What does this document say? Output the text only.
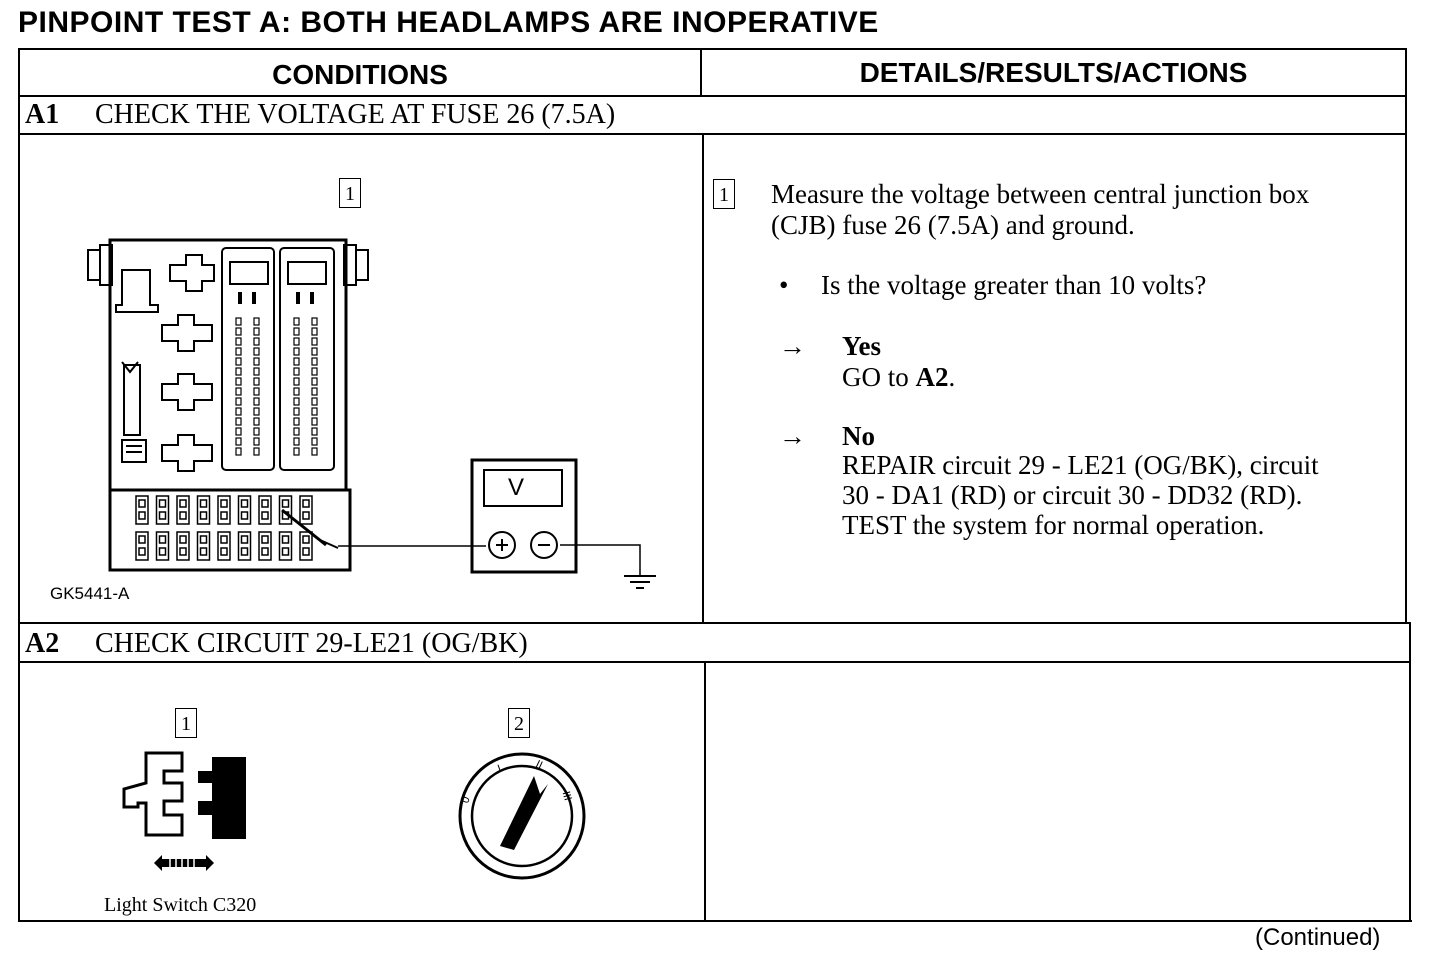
PINPOINT TEST A: BOTH HEADLAMPS ARE INOPERATIVE
CONDITIONS	DETAILS/RESULTS/ACTIONS
A1 CHECK THE VOLTAGE AT FUSE 26 (7.5A)
1
V
GK5441-A
1 Measure the voltage between central junction box
(CJB) fuse 26 (7.5A) and ground.
• Is the voltage greater than 10 volts?
→ Yes
GO to A2.
→ No
REPAIR circuit 29 - LE21 (OG/BK), circuit
30 - DA1 (RD) or circuit 30 - DD32 (RD).
TEST the system for normal operation.
A2 CHECK CIRCUIT 29-LE21 (OG/BK)
1	2
Light Switch C320
0
I	II
III
(Continued)
